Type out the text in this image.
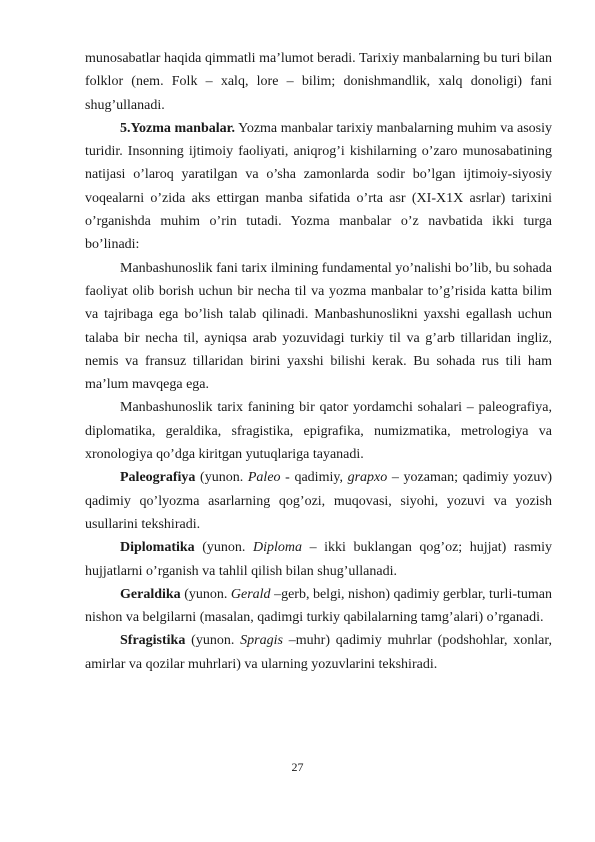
munosabatlar haqida qimmatli ma’lumot beradi. Tarixiy manbalarning bu turi bilan folklor (nem. Folk – xalq, lore – bilim; donishmandlik, xalq donoligi) fani shug’ullanadi.

5.Yozma manbalar. Yozma manbalar tarixiy manbalarning muhim va asosiy turidir. Insonning ijtimoiy faoliyati, aniqrog’i kishilarning o’zaro munosabatining natijasi o’laroq yaratilgan va o’sha zamonlarda sodir bo’lgan ijtimoiy-siyosiy voqealarni o’zida aks ettirgan manba sifatida o’rta asr (XI-X1X asrlar) tarixini o’rganishda muhim o’rin tutadi. Yozma manbalar o’z navbatida ikki turga bo’linadi:

Manbashunoslik fani tarix ilmining fundamental yo’nalishi bo’lib, bu sohada faoliyat olib borish uchun bir necha til va yozma manbalar to’g’risida katta bilim va tajribaga ega bo’lish talab qilinadi. Manbashunoslikni yaxshi egallash uchun talaba bir necha til, ayniqsa arab yozuvidagi turkiy til va g’arb tillaridan ingliz, nemis va fransuz tillaridan birini yaxshi bilishi kerak. Bu sohada rus tili ham ma’lum mavqega ega.

Manbashunoslik tarix fanining bir qator yordamchi sohalari – paleografiya, diplomatika, geraldika, sfragistika, epigrafika, numizmatika, metrologiya va xronologiya qo’dga kiritgan yutuqlariga tayanadi.

Paleografiya (yunon. Paleo - qadimiy, grapxo – yozaman; qadimiy yozuv) qadimiy qo’lyozma asarlarning qog’ozi, muqovasi, siyohi, yozuvi va yozish usullarini tekshiradi.

Diplomatika (yunon. Diploma – ikki buklangan qog’oz; hujjat) rasmiy hujjatlarni o’rganish va tahlil qilish bilan shug’ullanadi.

Geraldika (yunon. Gerald –gerb, belgi, nishon) qadimiy gerblar, turli-tuman nishon va belgilarni (masalan, qadimgi turkiy qabilalarning tamg’alari) o’rganadi.

Sfragistika (yunon. Spragis –muhr) qadimiy muhrlar (podshohlar, xonlar, amirlar va qozilar muhrlari) va ularning yozuvlarini tekshiradi.

27
